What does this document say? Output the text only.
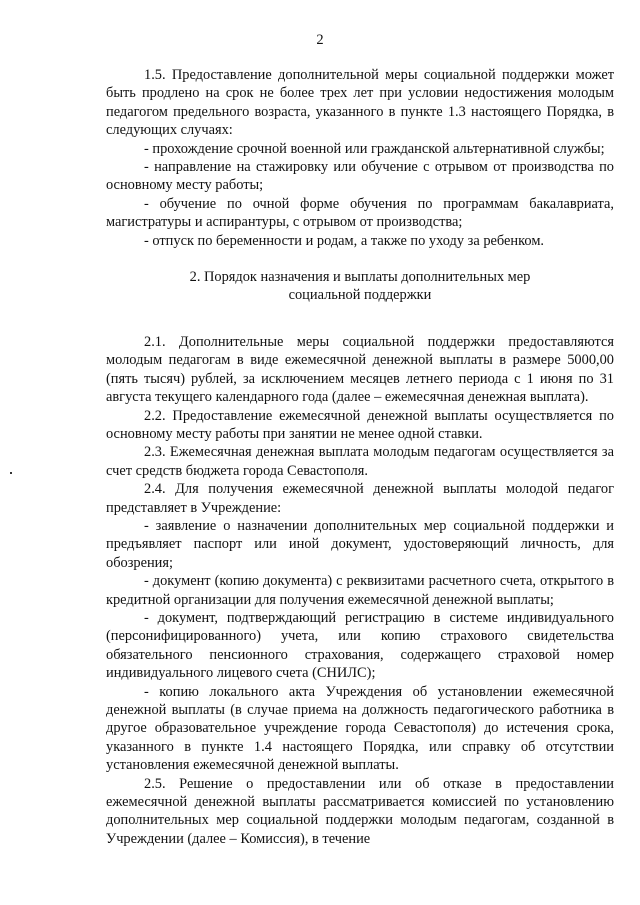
2

1.5. Предоставление дополнительной меры социальной поддержки может быть продлено на срок не более трех лет при условии недостижения молодым педагогом предельного возраста, указанного в пункте 1.3 настоящего Порядка, в следующих случаях:

- прохождение срочной военной или гражданской альтернативной службы;

- направление на стажировку или обучение с отрывом от производства по основному месту работы;

- обучение по очной форме обучения по программам бакалавриата, магистратуры и аспирантуры, с отрывом от производства;

- отпуск по беременности и родам, а также по уходу за ребенком.

2. Порядок назначения и выплаты дополнительных мер
социальной поддержки

2.1. Дополнительные меры социальной поддержки предоставляются молодым педагогам в виде ежемесячной денежной выплаты в размере 5000,00 (пять тысяч) рублей, за исключением месяцев летнего периода с 1 июня по 31 августа текущего календарного года (далее – ежемесячная денежная выплата).

2.2. Предоставление ежемесячной денежной выплаты осуществляется по основному месту работы при занятии не менее одной ставки.

2.3. Ежемесячная денежная выплата молодым педагогам осуществляется за счет средств бюджета города Севастополя.

2.4. Для получения ежемесячной денежной выплаты молодой педагог представляет в Учреждение:

- заявление о назначении дополнительных мер социальной поддержки и предъявляет паспорт или иной документ, удостоверяющий личность, для обозрения;

- документ (копию документа) с реквизитами расчетного счета, открытого в кредитной организации для получения ежемесячной денежной выплаты;

- документ, подтверждающий регистрацию в системе индивидуального (персонифицированного) учета, или копию страхового свидетельства обязательного пенсионного страхования, содержащего страховой номер индивидуального лицевого счета (СНИЛС);

- копию локального акта Учреждения об установлении ежемесячной денежной выплаты (в случае приема на должность педагогического работника в другое образовательное учреждение города Севастополя) до истечения срока, указанного в пункте 1.4 настоящего Порядка, или справку об отсутствии установления ежемесячной денежной выплаты.

2.5. Решение о предоставлении или об отказе в предоставлении ежемесячной денежной выплаты рассматривается комиссией по установлению дополнительных мер социальной поддержки молодым педагогам, созданной в Учреждении (далее – Комиссия), в течение
